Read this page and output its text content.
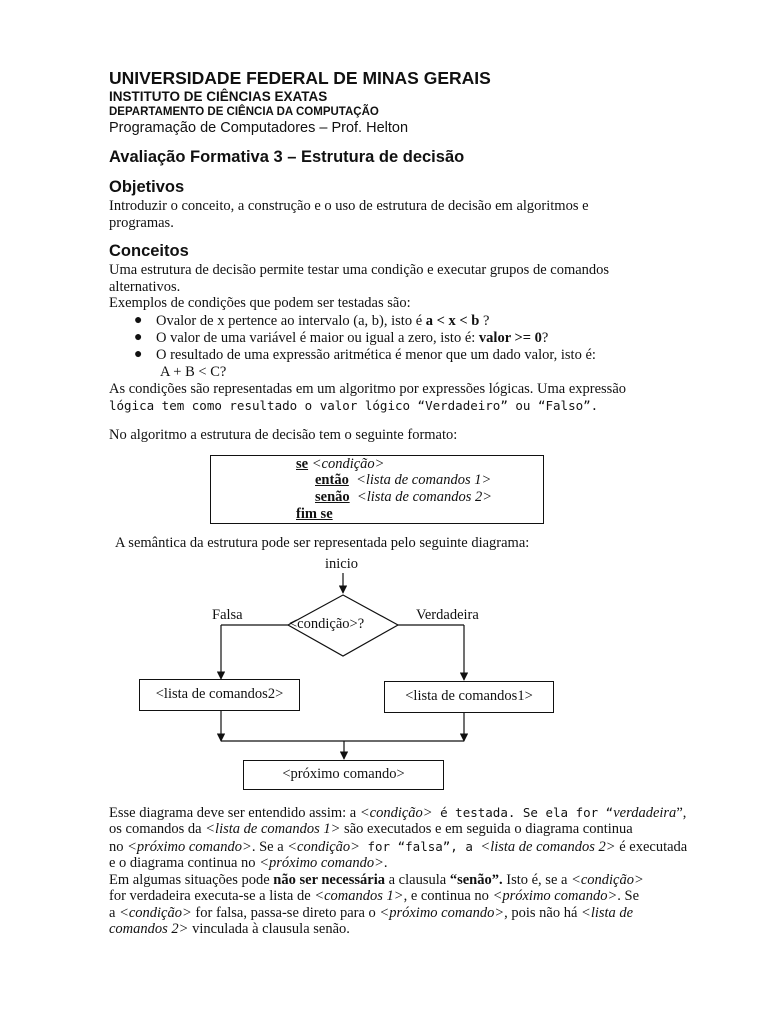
UNIVERSIDADE FEDERAL DE MINAS GERAIS
INSTITUTO DE CIÊNCIAS EXATAS
DEPARTAMENTO DE CIÊNCIA DA COMPUTAÇÃO
Programação de Computadores – Prof. Helton
Avaliação Formativa 3 – Estrutura de decisão
Objetivos
Introduzir o conceito, a construção e o uso de estrutura de decisão em algoritmos e
programas.
Conceitos
Uma estrutura de decisão permite testar uma condição e executar grupos de comandos
alternativos.
Exemplos de condições que podem ser testadas são:
● Ovalor de x pertence ao intervalo (a, b), isto é a < x < b ?
● O valor de uma variável é maior ou igual a zero, isto é: valor >= 0?
● O resultado de uma expressão aritmética é menor que um dado valor, isto é:
A + B < C?
As condições são representadas em um algoritmo por expressões lógicas. Uma expressão
lógica tem como resultado o valor lógico “Verdadeiro” ou “Falso”.
No algoritmo a estrutura de decisão tem o seguinte formato:
se <condição>
então <lista de comandos 1>
senão <lista de comandos 2>
fim se
A semântica da estrutura pode ser representada pelo seguinte diagrama:
inicio
Falsa	Verdadeira
<condição>?
<lista de comandos2>	<lista de comandos1>
<próximo comando>
Esse diagrama deve ser entendido assim: a <condição> é testada. Se ela for “verdadeira”,
os comandos da <lista de comandos 1> são executados e em seguida o diagrama continua
no <próximo comando>. Se a <condição> for “falsa”, a <lista de comandos 2> é executada
e o diagrama continua no <próximo comando>.
Em algumas situações pode não ser necessária a clausula “senão”. Isto é, se a <condição>
for verdadeira executa-se a lista de <comandos 1>, e continua no <próximo comando>. Se
a <condição> for falsa, passa-se direto para o <próximo comando>, pois não há <lista de
comandos 2> vinculada à clausula senão.
